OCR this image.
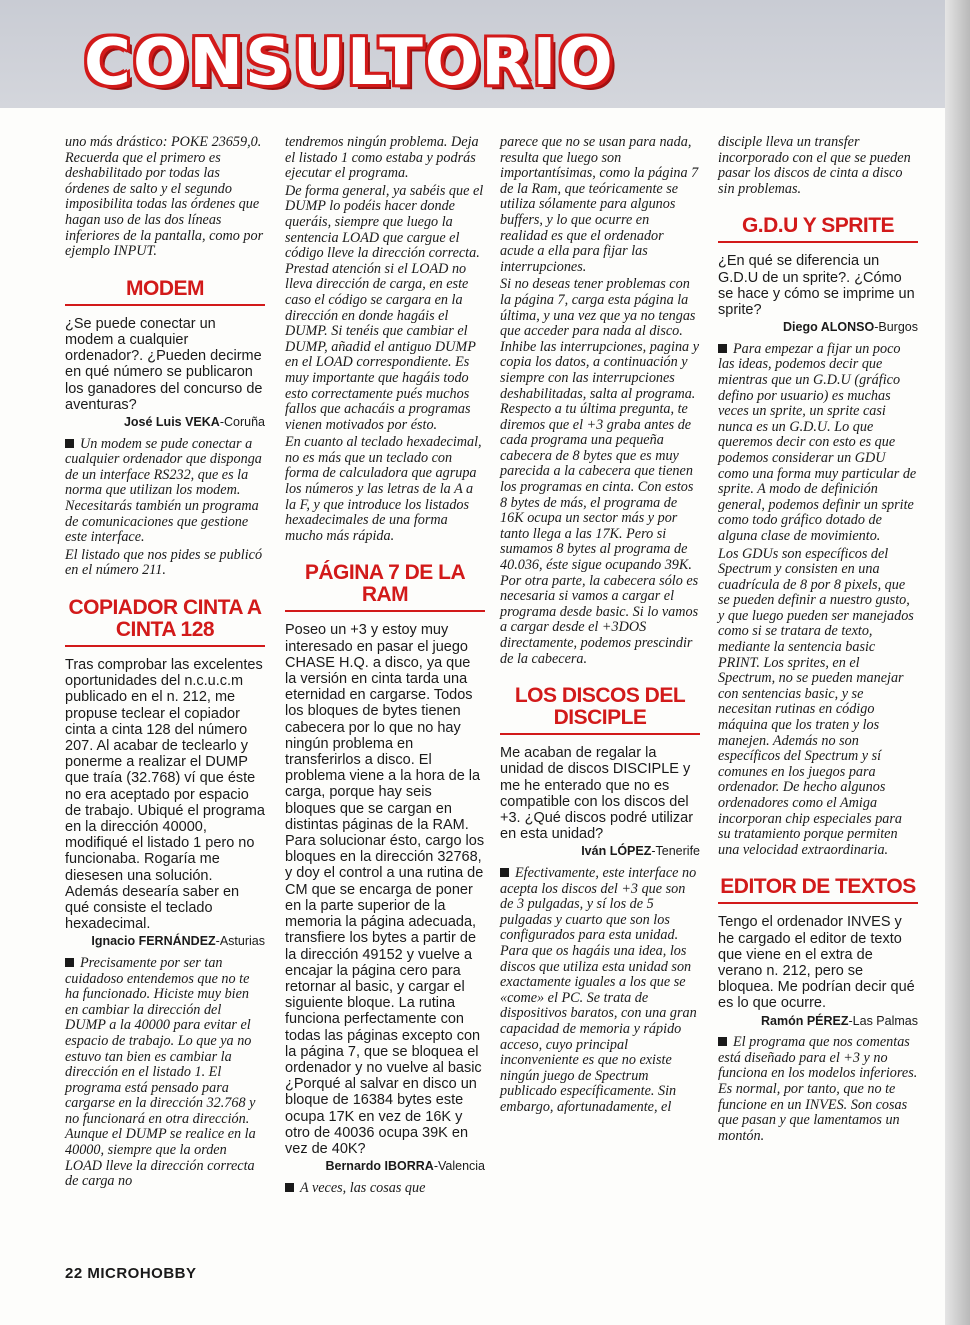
CONSULTORIO

uno más drástico: POKE 23659,0. Recuerda que el primero es deshabilitado por todas las órdenes de salto y el segundo imposibilita todas las órdenes que hagan uso de las dos líneas inferiores de la pantalla, como por ejemplo INPUT.

MODEM

¿Se puede conectar un modem a cualquier ordenador?. ¿Pueden decirme en qué número se publicaron los ganadores del concurso de aventuras?

José Luis VEKA-Coruña

Un modem se pude conectar a cualquier ordenador que disponga de un interface RS232, que es la norma que utilizan los modem. Necesitarás también un programa de comunicaciones que gestione este interface.

El listado que nos pides se publicó en el número 211.

COPIADOR CINTA A CINTA 128

Tras comprobar las excelentes oportunidades del n.c.u.c.m publicado en el n. 212, me propuse teclear el copiador cinta a cinta 128 del número 207. Al acabar de teclearlo y ponerme a realizar el DUMP que traía (32.768) ví que éste no era aceptado por espacio de trabajo. Ubiqué el programa en la dirección 40000, modifiqué el listado 1 pero no funcionaba. Rogaría me diesesen una solución. Además desearía saber en qué consiste el teclado hexadecimal.

Ignacio FERNÁNDEZ-Asturias

Precisamente por ser tan cuidadoso entendemos que no te ha funcionado. Hiciste muy bien en cambiar la dirección del DUMP a la 40000 para evitar el espacio de trabajo. Lo que ya no estuvo tan bien es cambiar la dirección en el listado 1. El programa está pensado para cargarse en la dirección 32.768 y no funcionará en otra dirección. Aunque el DUMP se realice en la 40000, siempre que la orden LOAD lleve la dirección correcta de carga no

tendremos ningún problema. Deja el listado 1 como estaba y podrás ejecutar el programa.

De forma general, ya sabéis que el DUMP lo podéis hacer donde queráis, siempre que luego la sentencia LOAD que cargue el código lleve la dirección correcta. Prestad atención si el LOAD no lleva dirección de carga, en este caso el código se cargara en la dirección en donde hagáis el DUMP. Si tenéis que cambiar el DUMP, añadid el antiguo DUMP en el LOAD correspondiente. Es muy importante que hagáis todo esto correctamente pués muchos fallos que achacáis a programas vienen motivados por ésto.

En cuanto al teclado hexadecimal, no es más que un teclado con forma de calculadora que agrupa los números y las letras de la A a la F, y que introduce los listados hexadecimales de una forma mucho más rápida.

PÁGINA 7 DE LA RAM

Poseo un +3 y estoy muy interesado en pasar el juego CHASE H.Q. a disco, ya que la versión en cinta tarda una eternidad en cargarse. Todos los bloques de bytes tienen cabecera por lo que no hay ningún problema en transferirlos a disco. El problema viene a la hora de la carga, porque hay seis bloques que se cargan en distintas páginas de la RAM. Para solucionar ésto, cargo los bloques en la dirección 32768, y doy el control a una rutina de CM que se encarga de poner en la parte superior de la memoria la página adecuada, transfiere los bytes a partir de la dirección 49152 y vuelve a encajar la página cero para retornar al basic, y cargar el siguiente bloque. La rutina funciona perfectamente con todas las páginas excepto con la página 7, que se bloquea el ordenador y no vuelve al basic ¿Porqué al salvar en disco un bloque de 16384 bytes este ocupa 17K en vez de 16K y otro de 40036 ocupa 39K en vez de 40K?

Bernardo IBORRA-Valencia

A veces, las cosas que

parece que no se usan para nada, resulta que luego son importantísimas, como la página 7 de la Ram, que teóricamente se utiliza sólamente para algunos buffers, y lo que ocurre en realidad es que el ordenador acude a ella para fijar las interrupciones.

Si no deseas tener problemas con la página 7, carga esta página la última, y una vez que ya no tengas que acceder para nada al disco. Inhibe las interrupciones, pagina y copia los datos, a continuación y siempre con las interrupciones deshabilitadas, salta al programa. Respecto a tu última pregunta, te diremos que el +3 graba antes de cada programa una pequeña cabecera de 8 bytes que es muy parecida a la cabecera que tienen los programas en cinta. Con estos 8 bytes de más, el programa de 16K ocupa un sector más y por tanto llega a las 17K. Pero si sumamos 8 bytes al programa de 40.036, éste sigue ocupando 39K. Por otra parte, la cabecera sólo es necesaria si vamos a cargar el programa desde basic. Si lo vamos a cargar desde el +3DOS directamente, podemos prescindir de la cabecera.

LOS DISCOS DEL DISCIPLE

Me acaban de regalar la unidad de discos DISCIPLE y me he enterado que no es compatible con los discos del +3. ¿Qué discos podré utilizar en esta unidad?

Iván LÓPEZ-Tenerife

Efectivamente, este interface no acepta los discos del +3 que son de 3 pulgadas, y sí los de 5 pulgadas y cuarto que son los configurados para esta unidad. Para que os hagáis una idea, los discos que utiliza esta unidad son exactamente iguales a los que se «come» el PC. Se trata de dispositivos baratos, con una gran capacidad de memoria y rápido acceso, cuyo principal inconveniente es que no existe ningún juego de Spectrum publicado específicamente. Sin embargo, afortunadamente, el

disciple lleva un transfer incorporado con el que se pueden pasar los discos de cinta a disco sin problemas.

G.D.U Y SPRITE

¿En qué se diferencia un G.D.U de un sprite?. ¿Cómo se hace y cómo se imprime un sprite?

Diego ALONSO-Burgos

Para empezar a fijar un poco las ideas, podemos decir que mientras que un G.D.U (gráfico defino por usuario) es muchas veces un sprite, un sprite casi nunca es un G.D.U. Lo que queremos decir con esto es que podemos considerar un GDU como una forma muy particular de sprite. A modo de definición general, podemos definir un sprite como todo gráfico dotado de alguna clase de movimiento.

Los GDUs son específicos del Spectrum y consisten en una cuadrícula de 8 por 8 pixels, que se pueden definir a nuestro gusto, y que luego pueden ser manejados como si se tratara de texto, mediante la sentencia basic PRINT. Los sprites, en el Spectrum, no se pueden manejar con sentencias basic, y se necesitan rutinas en código máquina que los traten y los manejen. Además no son específicos del Spectrum y sí comunes en los juegos para ordenador. De hecho algunos ordenadores como el Amiga incorporan chip especiales para su tratamiento porque permiten una velocidad extraordinaria.

EDITOR DE TEXTOS

Tengo el ordenador INVES y he cargado el editor de texto que viene en el extra de verano n. 212, pero se bloquea. Me podrían decir qué es lo que ocurre.

Ramón PÉREZ-Las Palmas

El programa que nos comentas está diseñado para el +3 y no funciona en los modelos inferiores. Es normal, por tanto, que no te funcione en un INVES. Son cosas que pasan y que lamentamos un montón.

22 MICROHOBBY
